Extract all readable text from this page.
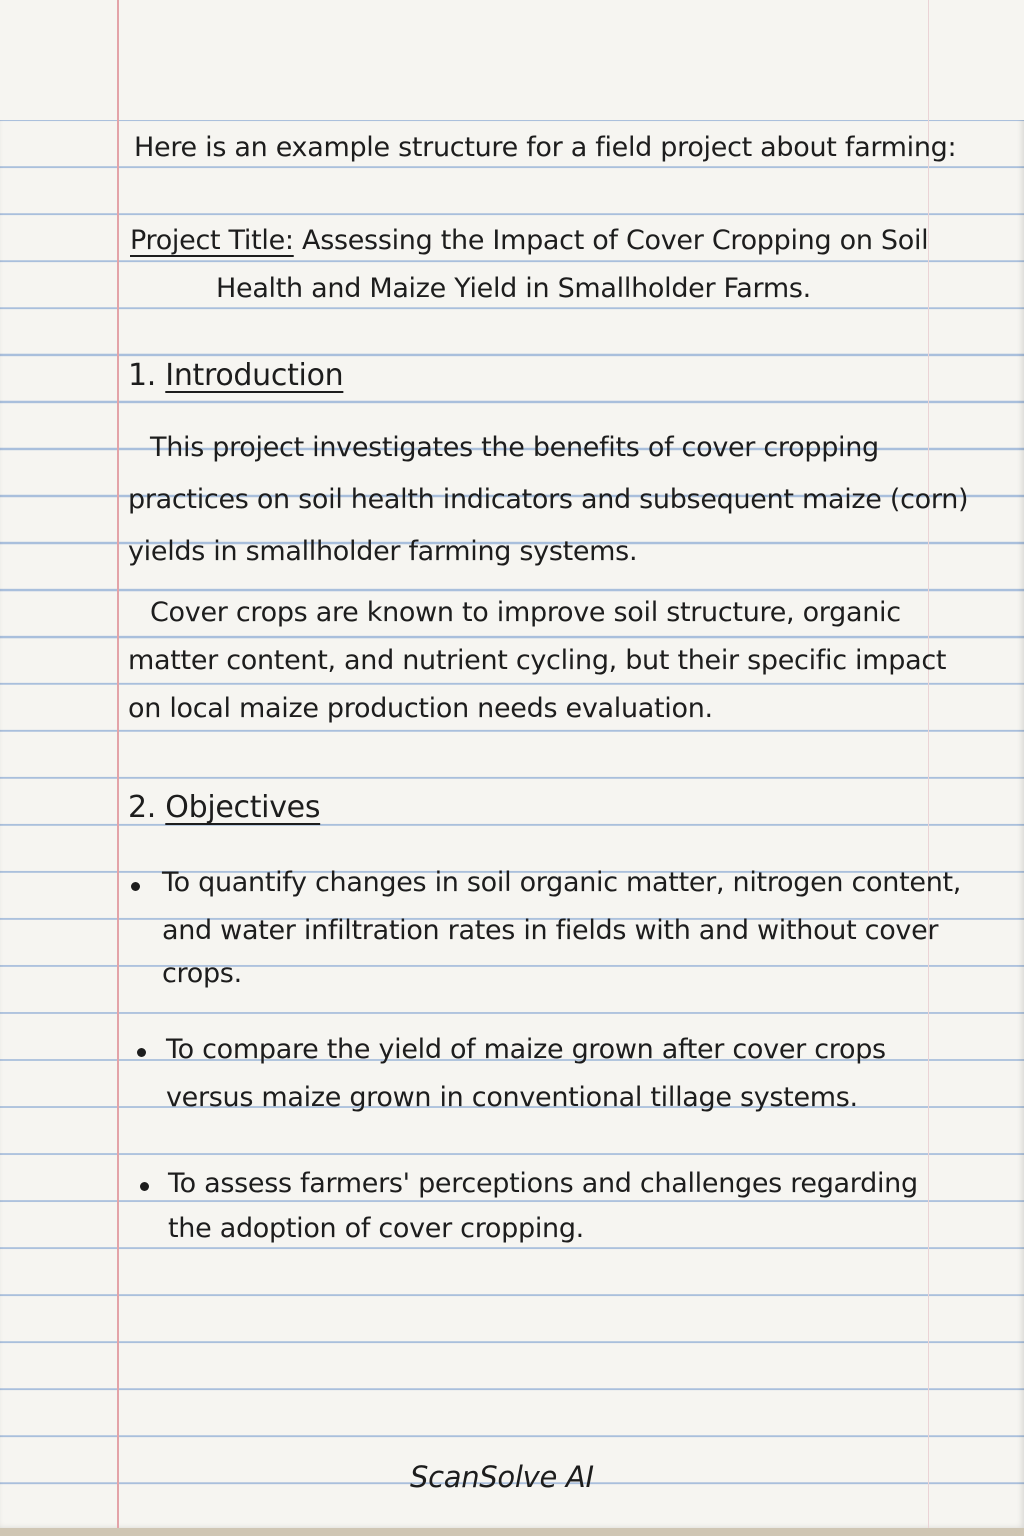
Here is an example structure for a field project about farming:
Project Title: Assessing the Impact of Cover Cropping on Soil
Health and Maize Yield in Smallholder Farms.
1. Introduction
This project investigates the benefits of cover cropping
practices on soil health indicators and subsequent maize (corn)
yields in smallholder farming systems.
Cover crops are known to improve soil structure, organic
matter content, and nutrient cycling, but their specific impact
on local maize production needs evaluation.
2. Objectives
To quantify changes in soil organic matter, nitrogen content,
and water infiltration rates in fields with and without cover
crops.
To compare the yield of maize grown after cover crops
versus maize grown in conventional tillage systems.
To assess farmers' perceptions and challenges regarding
the adoption of cover cropping.
ScanSolve AI
